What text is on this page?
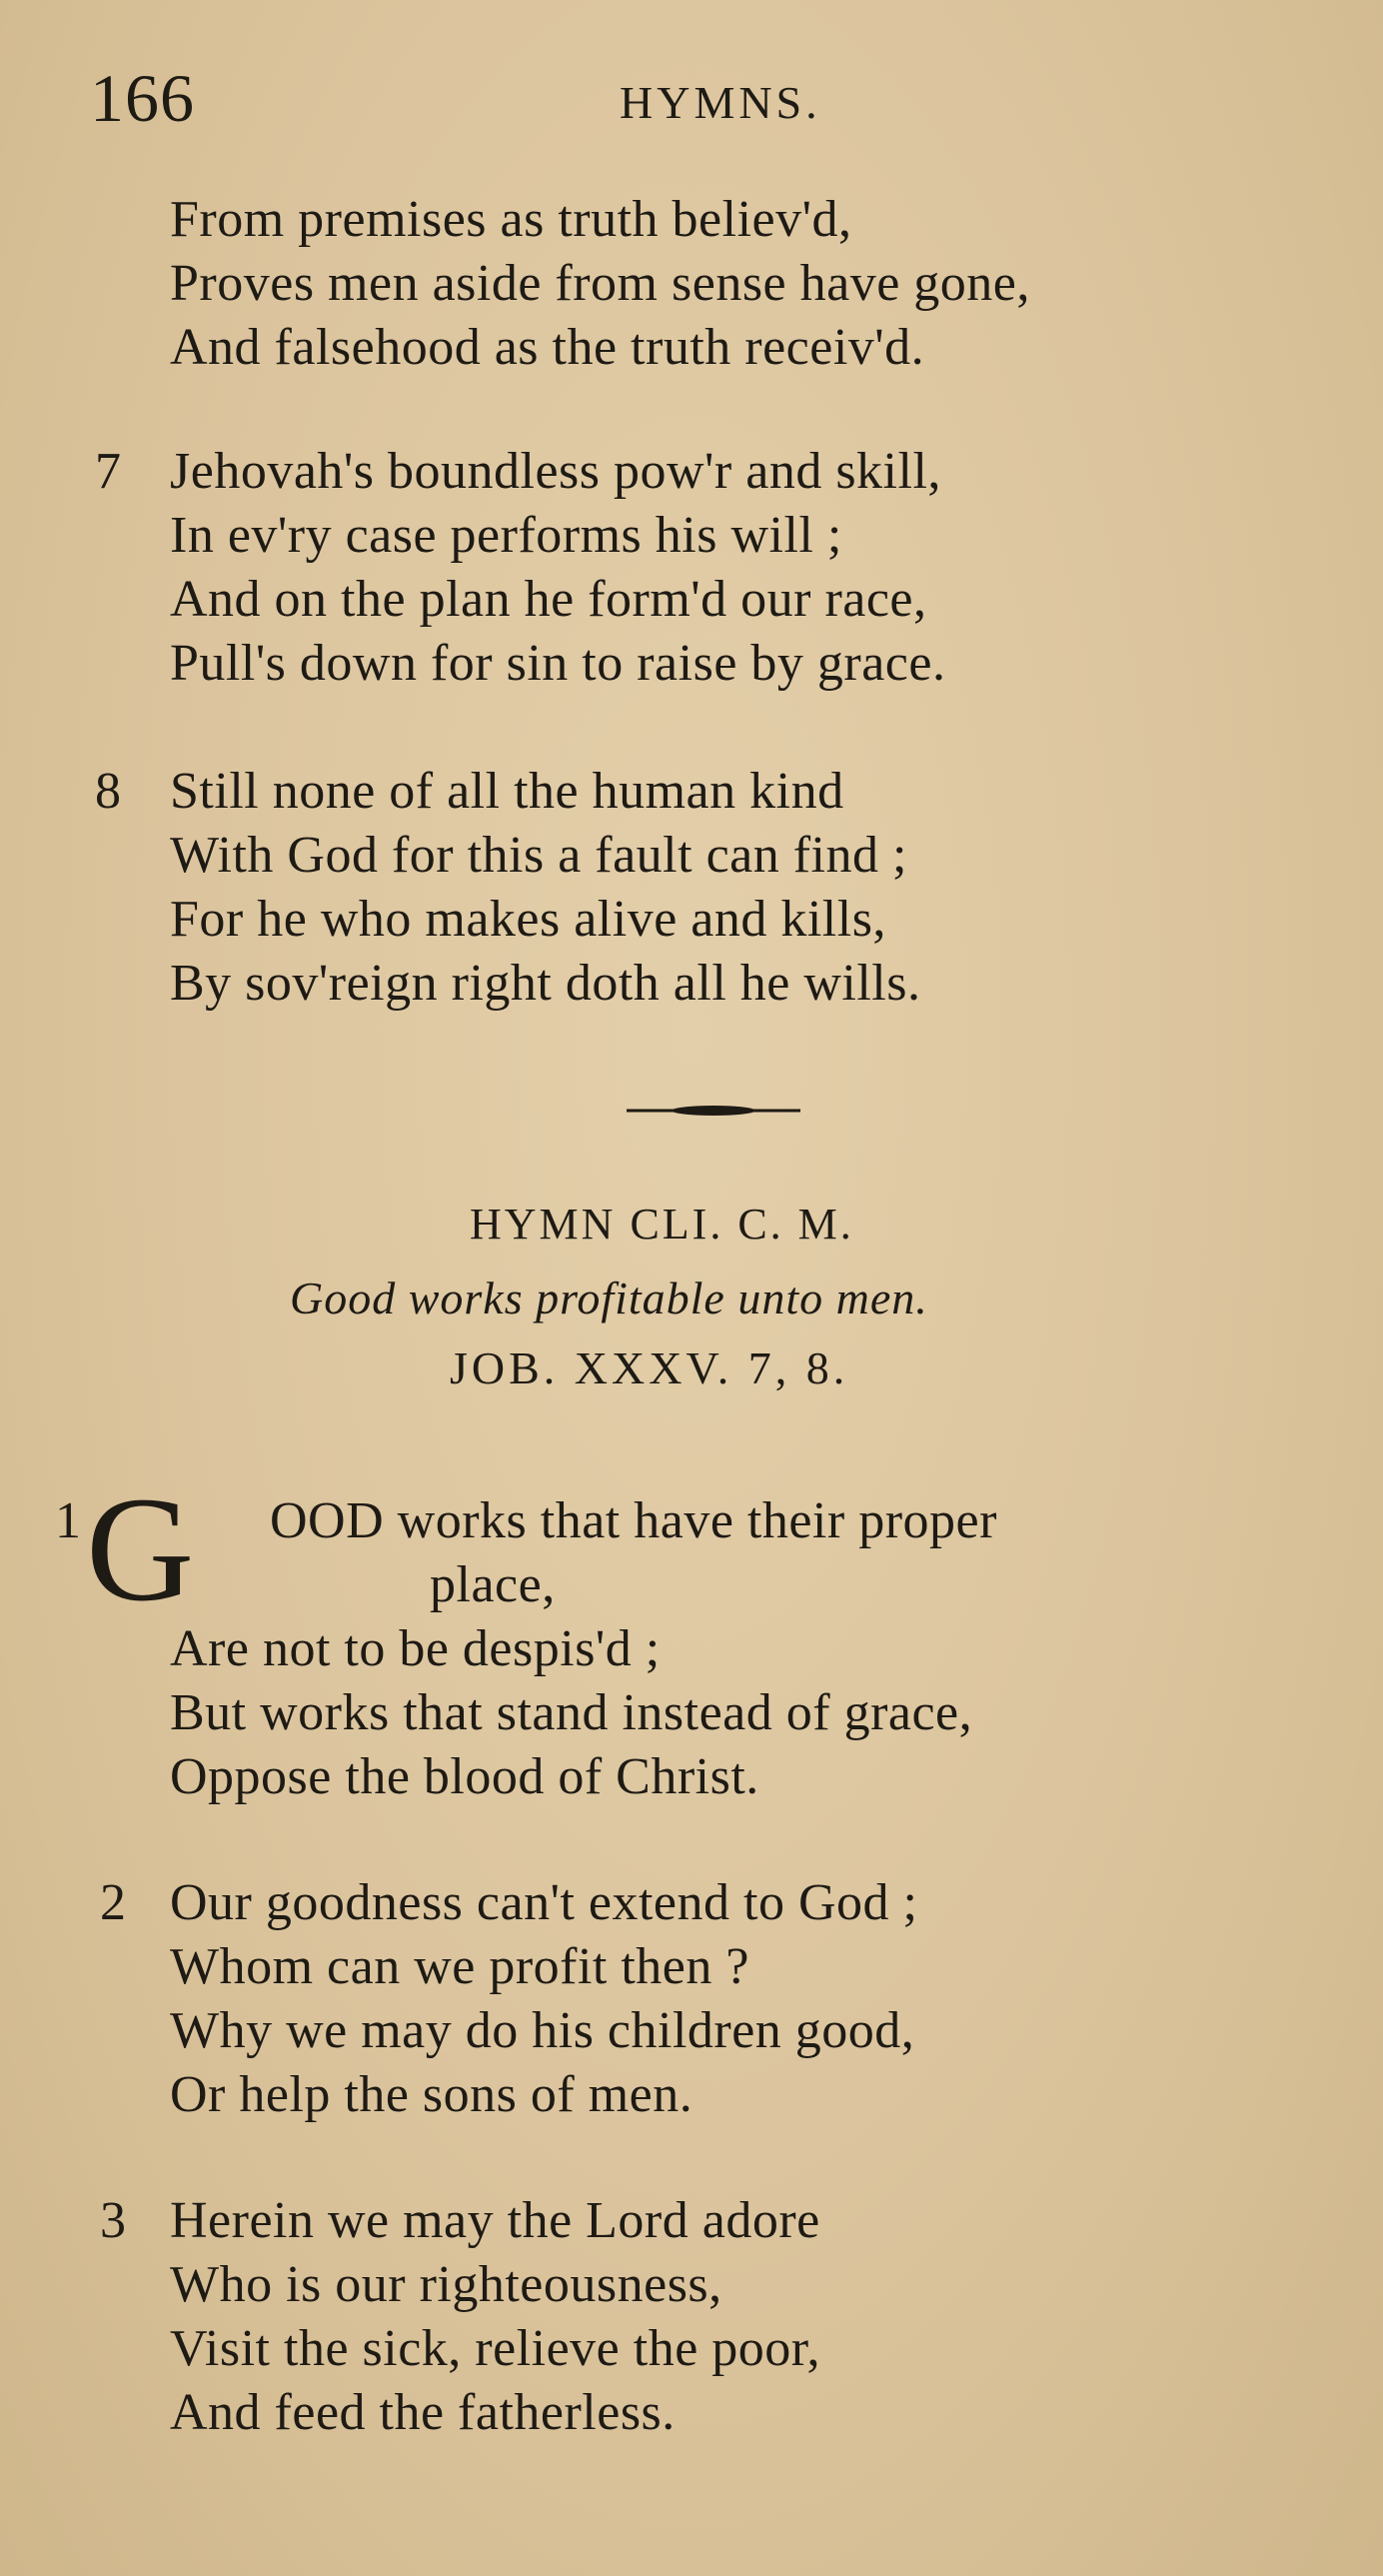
166	HYMNS.
From premises as truth believ'd,
Proves men aside from sense have gone,
And falsehood as the truth receiv'd.
7 Jehovah's boundless pow'r and skill,
In ev'ry case performs his will ;
And on the plan he form'd our race,
Pull's down for sin to raise by grace.
8 Still none of all the human kind
With God for this a fault can find ;
For he who makes alive and kills,
By sov'reign right doth all he wills.
HYMN CLI. C. M.
Good works profitable unto men.
JOB. XXXV. 7, 8.
1 G OOD works that have their proper
place,
Are not to be despis'd ;
But works that stand instead of grace,
Oppose the blood of Christ.
2 Our goodness can't extend to God ;
Whom can we profit then ?
Why we may do his children good,
Or help the sons of men.
3 Herein we may the Lord adore
Who is our righteousness,
Visit the sick, relieve the poor,
And feed the fatherless.
